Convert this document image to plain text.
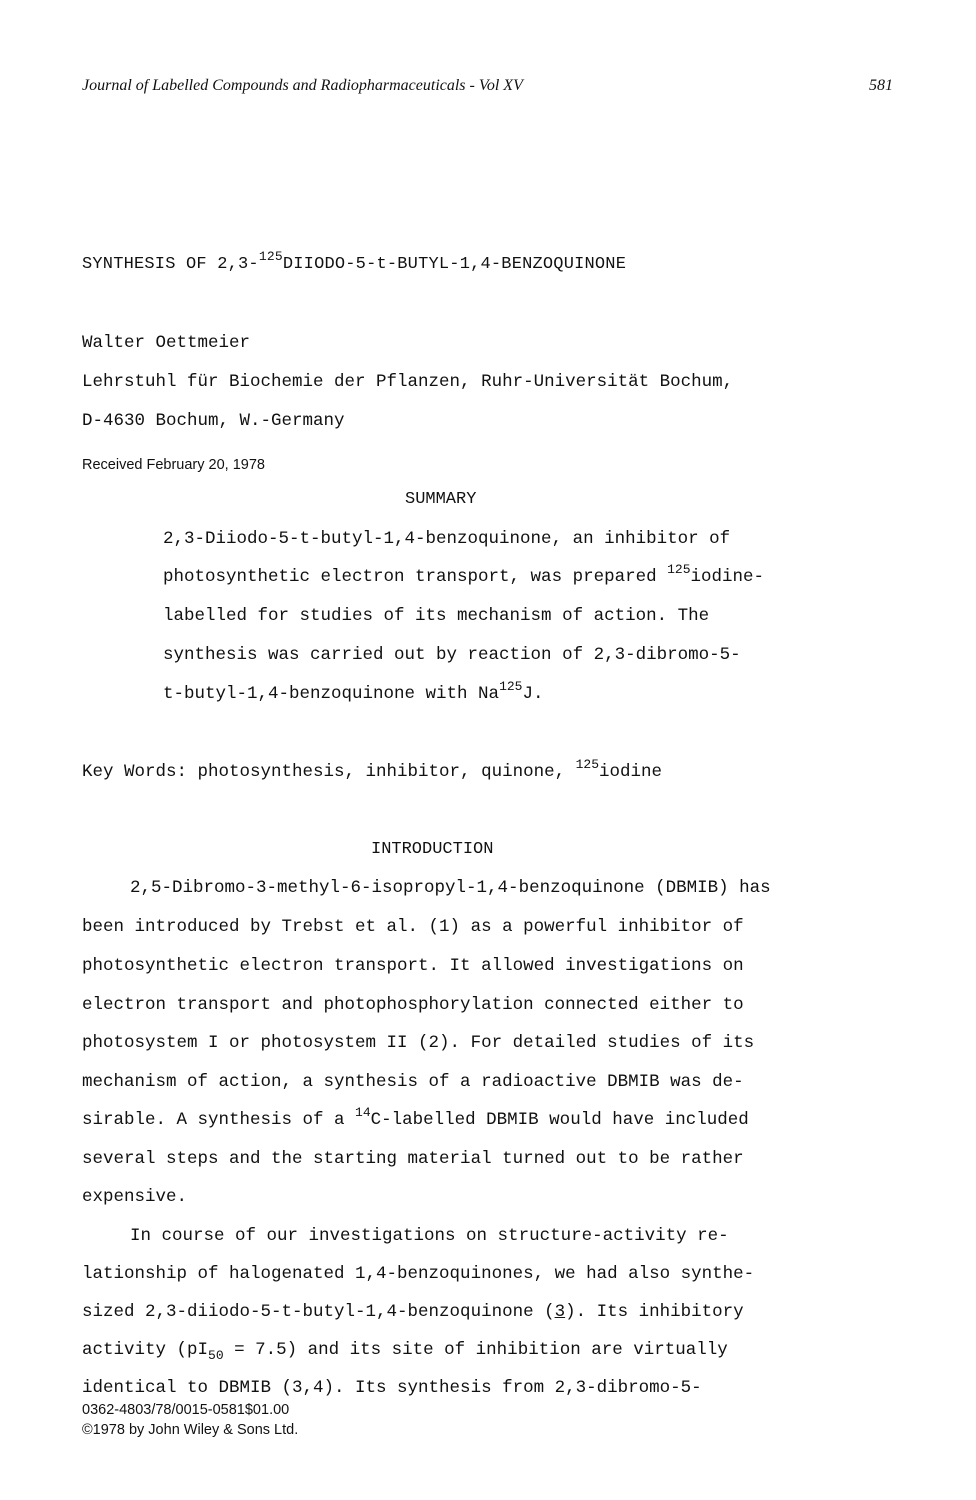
Journal of Labelled Compounds and Radiopharmaceuticals - Vol XV	581
SYNTHESIS OF 2,3-$^{125}$DIIODO-5-t-BUTYL-1,4-BENZOQUINONE
Walter Oettmeier
Lehrstuhl für Biochemie der Pflanzen, Ruhr-Universität Bochum,
D-4630 Bochum, W.-Germany
Received February 20, 1978
SUMMARY
2,3-Diiodo-5-t-butyl-1,4-benzoquinone, an inhibitor of
photosynthetic electron transport, was prepared $^{125}$iodine-
labelled for studies of its mechanism of action. The
synthesis was carried out by reaction of 2,3-dibromo-5-
t-butyl-1,4-benzoquinone with Na$^{125}$J.
Key Words: photosynthesis, inhibitor, quinone, $^{125}$iodine
INTRODUCTION
2,5-Dibromo-3-methyl-6-isopropyl-1,4-benzoquinone (DBMIB) has
been introduced by Trebst et al. (1) as a powerful inhibitor of
photosynthetic electron transport. It allowed investigations on
electron transport and photophosphorylation connected either to
photosystem I or photosystem II (2). For detailed studies of its
mechanism of action, a synthesis of a radioactive DBMIB was de-
sirable. A synthesis of a $^{14}$C-labelled DBMIB would have included
several steps and the starting material turned out to be rather
expensive.
In course of our investigations on structure-activity re-
lationship of halogenated 1,4-benzoquinones, we had also synthe-
sized 2,3-diiodo-5-t-butyl-1,4-benzoquinone (3). Its inhibitory
activity $(pI_{50} = 7.5)$ and its site of inhibition are virtually
identical to DBMIB (3,4). Its synthesis from 2,3-dibromo-5-
0362-4803/78/0015-0581$01.00
©1978 by John Wiley & Sons Ltd.
